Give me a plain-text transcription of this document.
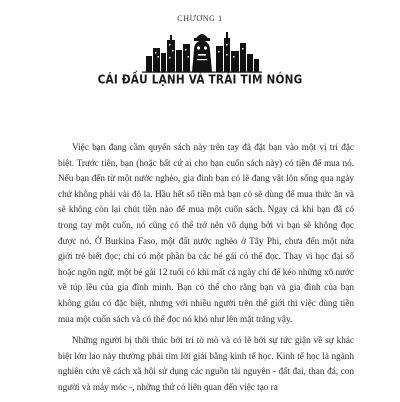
CHƯƠNG 1
CÁI ĐẦU LẠNH VÀ TRÁI TIM NÓNG

Việc bạn đang cầm quyển sách này trên tay đã đặt bạn vào một vị trí đặc biệt. Trước tiên, bạn (hoặc bất cứ ai cho bạn cuốn sách này) có tiền để mua nó. Nếu bạn đến từ một nước nghèo, gia đình bạn có lẽ đang vật lộn sống qua ngày chứ không phải vài đô la. Hầu hết số tiền mà bạn có sẽ dùng để mua thức ăn và sẽ không còn lại chút tiền nào để mua một cuốn sách. Ngay cả khi bạn đã có trong tay một cuốn, nó cũng có thể trở nên vô dụng bởi vì bạn sẽ không đọc được nó. Ở Burkina Faso, một đất nước nghèo ở Tây Phi, chưa đến một nửa giới trẻ biết đọc; chỉ có một phần ba các bé gái có thể đọc. Thay vì học đại số hoặc ngôn ngữ, một bé gái 12 tuổi có khi mất cả ngày chỉ để kéo những xô nước về túp lều của gia đình mình. Bạn có thể cho rằng bạn và gia đình của bạn không giàu có đặc biệt, nhưng với nhiều người trên thế giới thì việc dùng tiền mua một cuốn sách và có thể đọc nó khó như lên mặt trăng vậy.

Những người bị thôi thúc bởi trí tò mò và có lẽ bởi sự tức giận về sự khác biệt lớn lao này thường phải tìm lời giải bằng kinh tế học. Kinh tế học là ngành nghiên cứu về cách xã hội sử dụng các nguồn tài nguyên - đất đai, than đá, con người và máy móc -, những thứ có liên quan đến việc tạo ra
